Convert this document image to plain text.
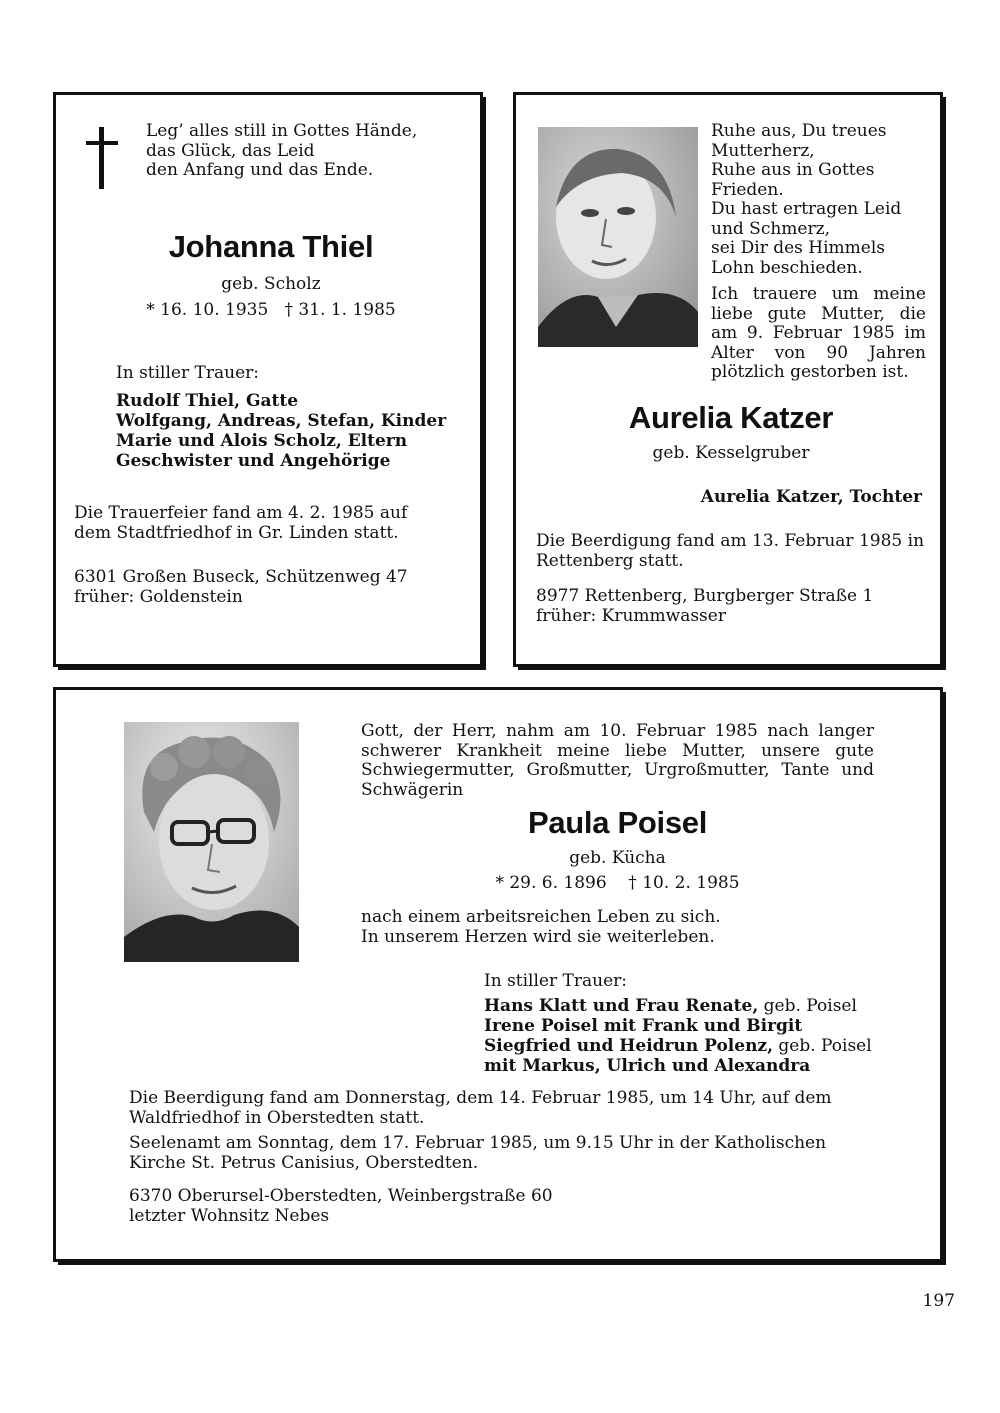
Leg’ alles still in Gottes Hände,
das Glück, das Leid
den Anfang und das Ende.
Johanna Thiel
geb. Scholz
* 16. 10. 1935   † 31. 1. 1985
In stiller Trauer:
Rudolf Thiel, Gatte
Wolfgang, Andreas, Stefan, Kinder
Marie und Alois Scholz, Eltern
Geschwister und Angehörige
Die Trauerfeier fand am 4. 2. 1985 auf
dem Stadtfriedhof in Gr. Linden statt.
6301 Großen Buseck, Schützenweg 47
früher: Goldenstein
Ruhe aus, Du treues
Mutterherz,
Ruhe aus in Gottes
Frieden.
Du hast ertragen Leid
und Schmerz,
sei Dir des Himmels
Lohn beschieden.
Ich trauere um meine liebe gute Mutter, die am 9. Februar 1985 im Alter von 90 Jahren plötzlich gestorben ist.
Aurelia Katzer
geb. Kesselgruber
Aurelia Katzer, Tochter
Die Beerdigung fand am 13. Februar 1985 in
Rettenberg statt.
8977 Rettenberg, Burgberger Straße 1
früher: Krummwasser
Gott, der Herr, nahm am 10. Februar 1985 nach langer schwerer Krankheit meine liebe Mutter, unsere gute Schwiegermutter, Großmutter, Urgroßmutter, Tante und Schwägerin
Paula Poisel
geb. Kücha
* 29. 6. 1896    † 10. 2. 1985
nach einem arbeitsreichen Leben zu sich.
In unserem Herzen wird sie weiterleben.
In stiller Trauer:
Hans Klatt und Frau Renate, geb. Poisel
Irene Poisel mit Frank und Birgit
Siegfried und Heidrun Polenz, geb. Poisel
mit Markus, Ulrich und Alexandra
Die Beerdigung fand am Donnerstag, dem 14. Februar 1985, um 14 Uhr, auf dem
Waldfriedhof in Oberstedten statt.
Seelenamt am Sonntag, dem 17. Februar 1985, um 9.15 Uhr in der Katholischen
Kirche St. Petrus Canisius, Oberstedten.
6370 Oberursel-Oberstedten, Weinbergstraße 60
letzter Wohnsitz Nebes
197
